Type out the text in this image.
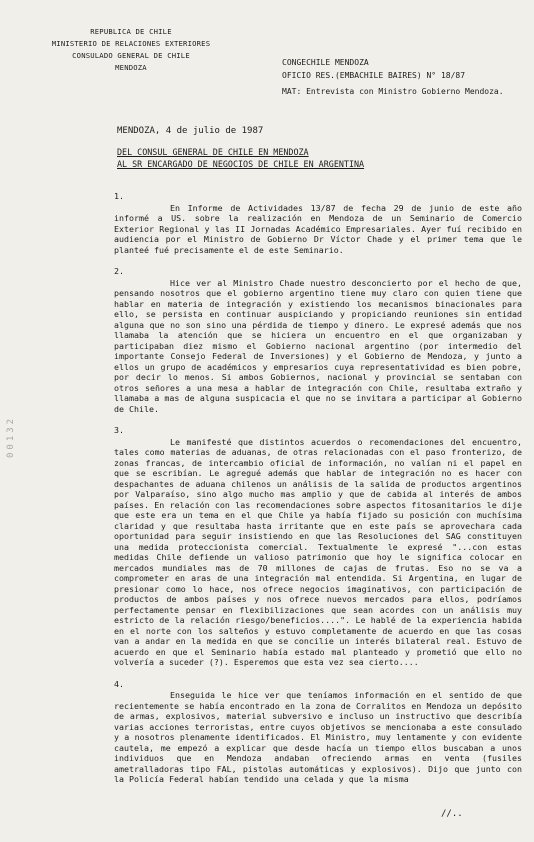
REPUBLICA DE CHILE
MINISTERIO DE RELACIONES EXTERIORES
CONSULADO GENERAL DE CHILE
MENDOZA
CONGECHILE MENDOZA
OFICIO RES.(EMBACHILE BAIRES) N° 18/87
MAT: Entrevista con Ministro Gobierno Mendoza.
00132
MENDOZA, 4 de julio de 1987
DEL CONSUL GENERAL DE CHILE EN MENDOZA
AL SR ENCARGADO DE NEGOCIOS DE CHILE EN ARGENTINA
1.
En Informe de Actividades 13/87 de fecha 29 de junio de este año informé a US. sobre la realización en Mendoza de un Seminario de Comercio Exterior Regional y las II Jornadas Académico Empresariales. Ayer fuí recibido en audiencia por el Ministro de Gobierno Dr Víctor Chade y el primer tema que le planteé fué precisamente el de este Seminario.
2.
Hice ver al Ministro Chade nuestro desconcierto por el hecho de que, pensando nosotros que el gobierno argentino tiene muy claro con quien tiene que hablar en materia de integración y existiendo los mecanismos binacionales para ello, se persista en continuar auspiciando y propiciando reuniones sin entidad alguna que no son sino una pérdida de tiempo y dinero. Le expresé además que nos llamaba la atención que se hiciera un encuentro en el que organizaban y participaban diez mismo el Gobierno nacional argentino (por intermedio del importante Consejo Federal de Inversiones) y el Gobierno de Mendoza, y junto a ellos un grupo de académicos y empresarios cuya representatividad es bien pobre, por decir lo menos. Si ambos Gobiernos, nacional y provincial se sentaban con otros señores a una mesa a hablar de integración con Chile, resultaba extraño y llamaba a mas de alguna suspicacia el que no se invitara a participar al Gobierno de Chile.
3.
Le manifesté que distintos acuerdos o recomendaciones del encuentro, tales como materias de aduanas, de otras relacionadas con el paso fronterizo, de zonas francas, de intercambio oficial de información, no valían ni el papel en que se escribían. Le agregué además que hablar de integración no es hacer con despachantes de aduana chilenos un análisis de la salida de productos argentinos por Valparaíso, sino algo mucho mas amplio y que de cabida al interés de ambos países. En relación con las recomendaciones sobre aspectos fitosanitarios le dije que este era un tema en el que Chile ya había fijado su posición con muchísima claridad y que resultaba hasta irritante que en este país se aprovechara cada oportunidad para seguir insistiendo en que las Resoluciones del SAG constituyen una medida proteccionista comercial. Textualmente le expresé "...con estas medidas Chile defiende un valioso patrimonio que hoy le significa colocar en mercados mundiales mas de 70 millones de cajas de frutas. Eso no se va a comprometer en aras de una integración mal entendida. Si Argentina, en lugar de presionar como lo hace, nos ofrece negocios imaginativos, con participación de productos de ambos países y nos ofrece nuevos mercados para ellos, podríamos perfectamente pensar en flexibilizaciones que sean acordes con un análisis muy estricto de la relación riesgo/beneficios....". Le hablé de la experiencia habida en el norte con los salteños y estuvo completamente de acuerdo en que las cosas van a andar en la medida en que se concilie un interés bilateral real. Estuvo de acuerdo en que el Seminario había estado mal planteado y prometió que ello no volvería a suceder (?). Esperemos que esta vez sea cierto....
4.
Enseguida le hice ver que teníamos información en el sentido de que recientemente se había encontrado en la zona de Corralitos en Mendoza un depósito de armas, explosivos, material subversivo e incluso un instructivo que describía varias acciones terroristas, entre cuyos objetivos se mencionaba a este consulado y a nosotros plenamente identificados. El Ministro, muy lentamente y con evidente cautela, me empezó a explicar que desde hacía un tiempo ellos buscaban a unos individuos que en Mendoza andaban ofreciendo armas en venta (fusiles ametralladoras tipo FAL, pistolas automáticas y explosivos). Dijo que junto con la Policía Federal habían tendido una celada y que la misma
//..
